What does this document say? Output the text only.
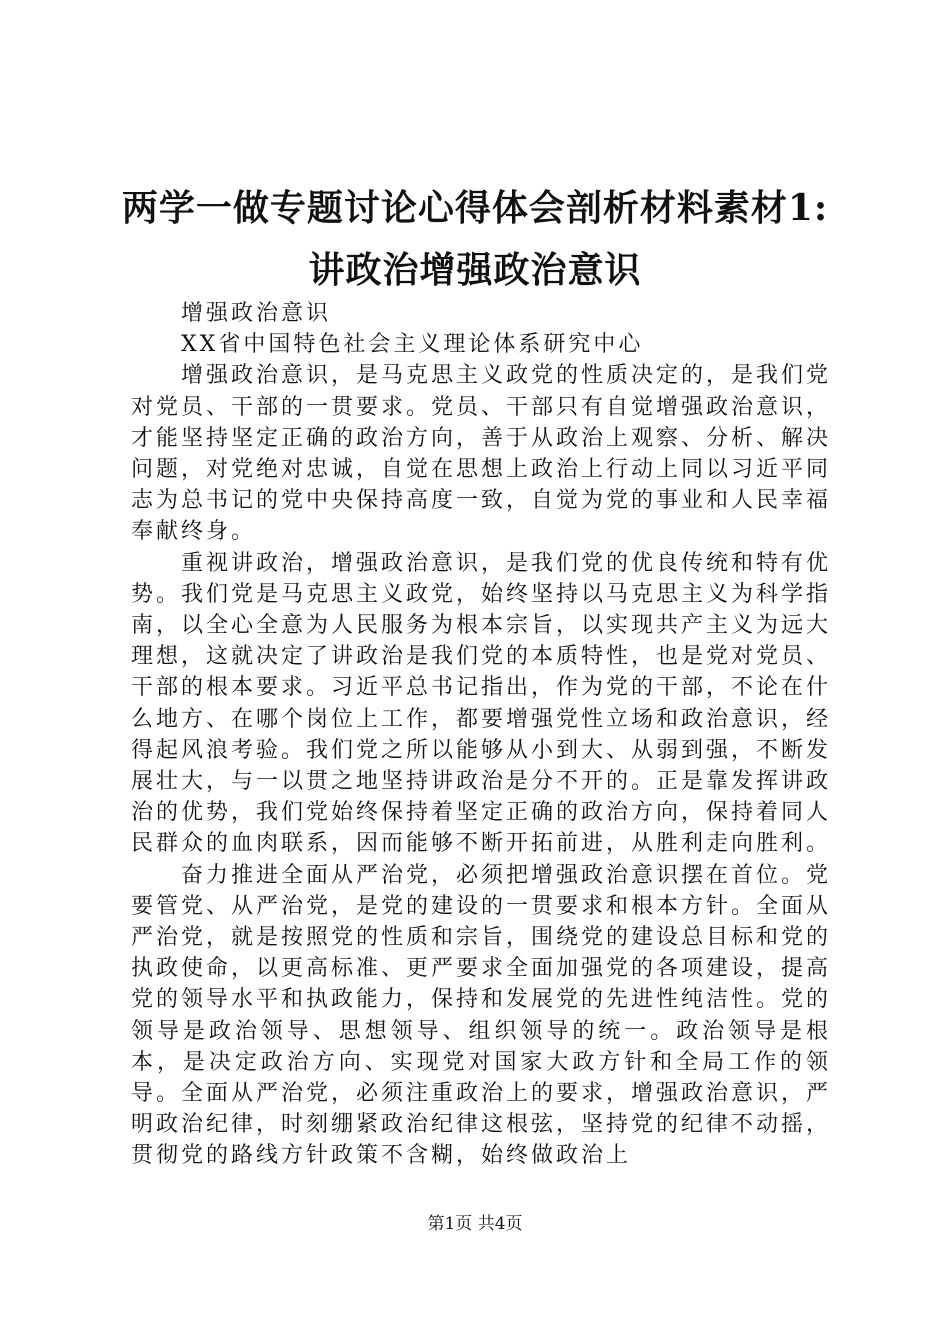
两学一做专题讨论心得体会剖析材料素材1:
讲政治增强政治意识

增强政治意识

XX省中国特色社会主义理论体系研究中心

增强政治意识，是马克思主义政党的性质决定的，是我们党对党员、干部的一贯要求。党员、干部只有自觉增强政治意识，才能坚持坚定正确的政治方向，善于从政治上观察、分析、解决问题，对党绝对忠诚，自觉在思想上政治上行动上同以习近平同志为总书记的党中央保持高度一致，自觉为党的事业和人民幸福奉献终身。

重视讲政治，增强政治意识，是我们党的优良传统和特有优势。我们党是马克思主义政党，始终坚持以马克思主义为科学指南，以全心全意为人民服务为根本宗旨，以实现共产主义为远大理想，这就决定了讲政治是我们党的本质特性，也是党对党员、干部的根本要求。习近平总书记指出，作为党的干部，不论在什么地方、在哪个岗位上工作，都要增强党性立场和政治意识，经得起风浪考验。我们党之所以能够从小到大、从弱到强，不断发展壮大，与一以贯之地坚持讲政治是分不开的。正是靠发挥讲政治的优势，我们党始终保持着坚定正确的政治方向，保持着同人民群众的血肉联系，因而能够不断开拓前进，从胜利走向胜利。

奋力推进全面从严治党，必须把增强政治意识摆在首位。党要管党、从严治党，是党的建设的一贯要求和根本方针。全面从严治党，就是按照党的性质和宗旨，围绕党的建设总目标和党的执政使命，以更高标准、更严要求全面加强党的各项建设，提高党的领导水平和执政能力，保持和发展党的先进性纯洁性。党的领导是政治领导、思想领导、组织领导的统一。政治领导是根本，是决定政治方向、实现党对国家大政方针和全局工作的领导。全面从严治党，必须注重政治上的要求，增强政治意识，严明政治纪律，时刻绷紧政治纪律这根弦，坚持党的纪律不动摇，贯彻党的路线方针政策不含糊，始终做政治上

第1页 共4页
